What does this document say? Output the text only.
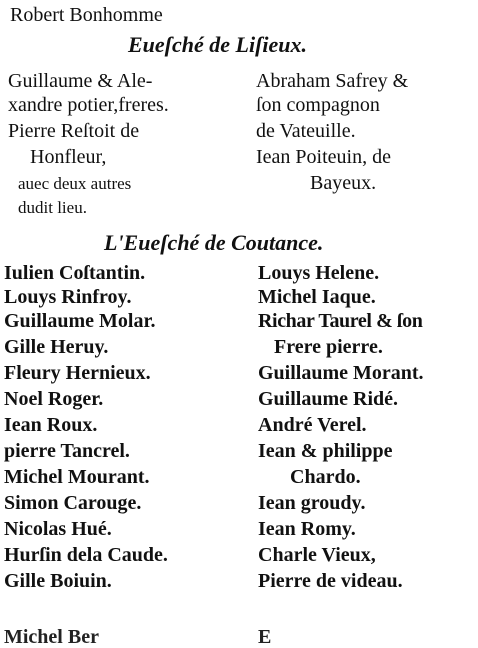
Robert Bonhomme
Eueſché de Liſieux.
Guillaume & Ale-
xandre potier,freres.
Pierre Reſtoit de
Honfleur,
auec deux autres
dudit lieu.
Abraham Safrey &
ſon compagnon
de Vateuille.
Iean Poiteuin, de
Bayeux.
L'Eueſché de Coutance.
Iulien Coſtantin.
Louys Rinfroy.
Guillaume Molar.
Gille Heruy.
Fleury Hernieux.
Noel Roger.
Iean Roux.
pierre Tancrel.
Michel Mourant.
Simon Carouge.
Nicolas Hué.
Hurſin dela Caude.
Gille Boiuin.
Michel Ber
Louys Helene.
Michel Iaque.
Richar Taurel & ſon
Frere pierre.
Guillaume Morant.
Guillaume Ridé.
André Verel.
Iean & philippe
Chardo.
Iean groudy.
Iean Romy.
Charle Vieux,
Pierre de videau.
E
